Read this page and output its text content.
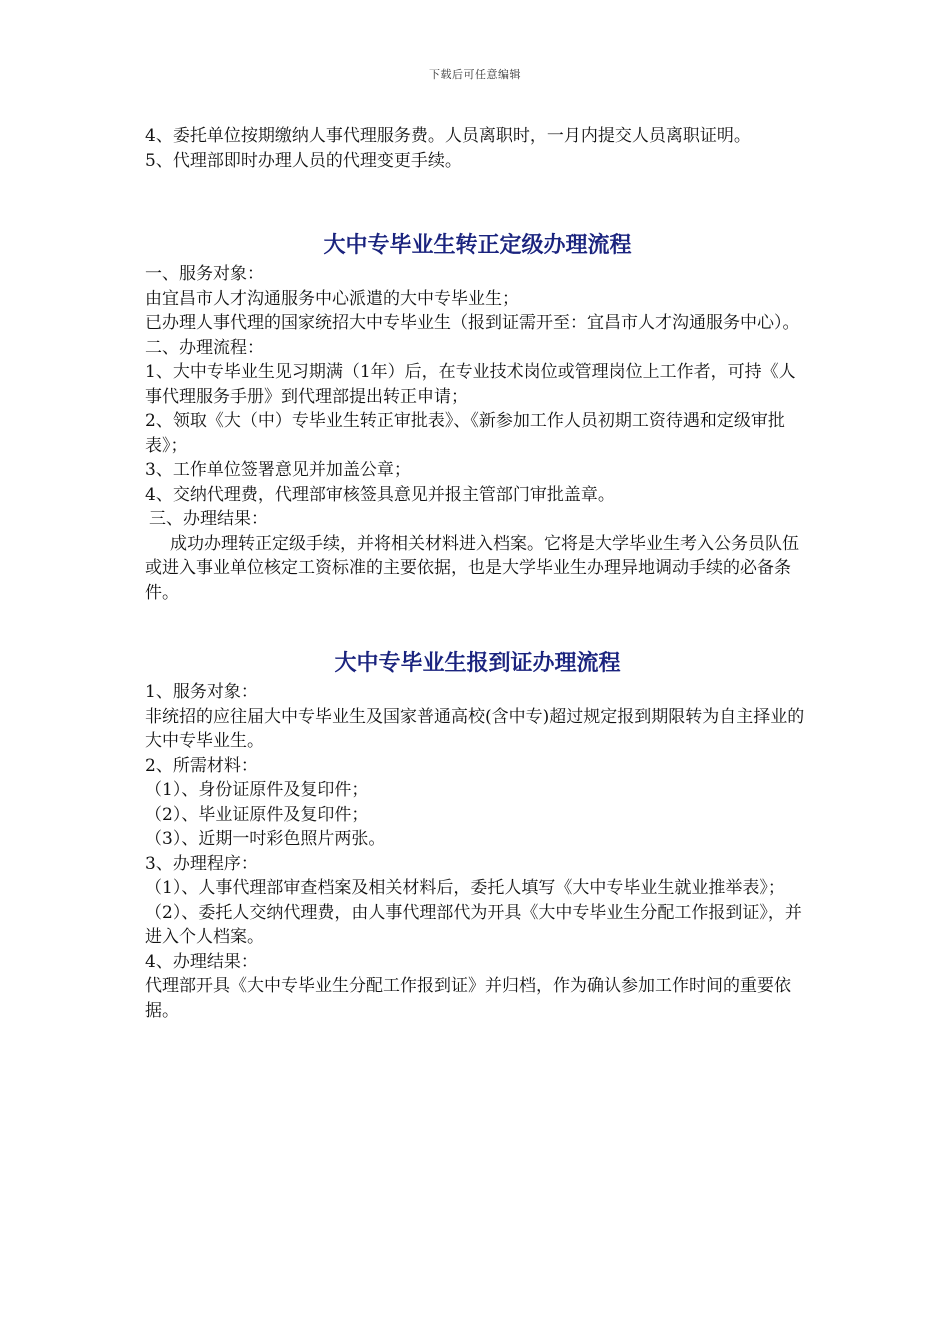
下载后可任意编辑

4、委托单位按期缴纳人事代理服务费。人员离职时，一月内提交人员离职证明。

5、代理部即时办理人员的代理变更手续。

大中专毕业生转正定级办理流程

一、服务对象：

由宜昌市人才沟通服务中心派遣的大中专毕业生；

已办理人事代理的国家统招大中专毕业生（报到证需开至：宜昌市人才沟通服务中心）。

二、办理流程：

1、大中专毕业生见习期满（1年）后，在专业技术岗位或管理岗位上工作者，可持《人事代理服务手册》到代理部提出转正申请；

2、领取《大（中）专毕业生转正审批表》、《新参加工作人员初期工资待遇和定级审批表》；

3、工作单位签署意见并加盖公章；

4、交纳代理费，代理部审核签具意见并报主管部门审批盖章。

三、办理结果：

成功办理转正定级手续，并将相关材料进入档案。它将是大学毕业生考入公务员队伍或进入事业单位核定工资标准的主要依据，也是大学毕业生办理异地调动手续的必备条件。

大中专毕业生报到证办理流程

1、服务对象：

非统招的应往届大中专毕业生及国家普通高校(含中专)超过规定报到期限转为自主择业的大中专毕业生。

2、所需材料：

（1）、身份证原件及复印件；

（2）、毕业证原件及复印件；

（3）、近期一吋彩色照片两张。

3、办理程序：

（1）、人事代理部审查档案及相关材料后，委托人填写《大中专毕业生就业推举表》；

（2）、委托人交纳代理费，由人事代理部代为开具《大中专毕业生分配工作报到证》，并进入个人档案。

4、办理结果：

代理部开具《大中专毕业生分配工作报到证》并归档，作为确认参加工作时间的重要依据。
